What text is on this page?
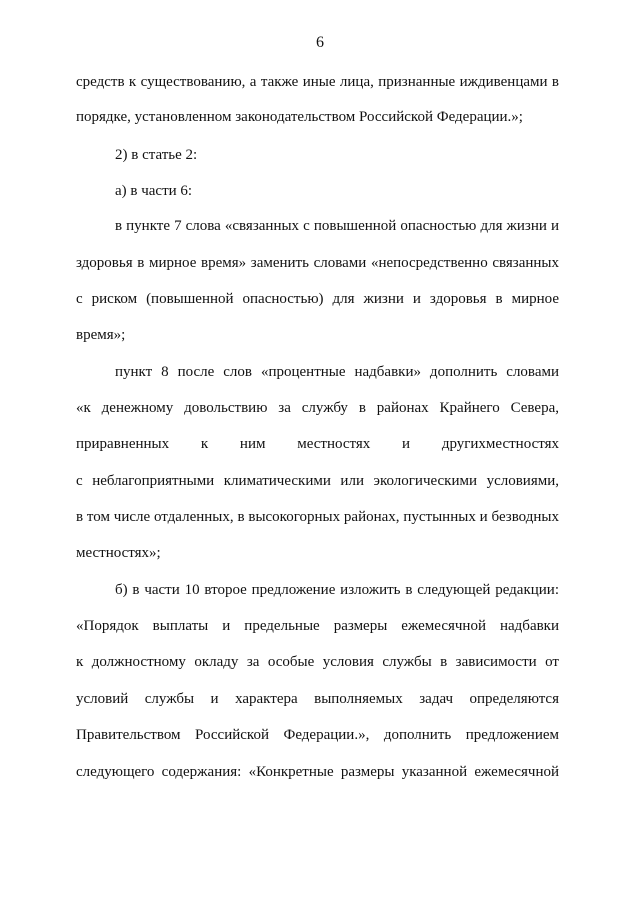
6
средств к существованию, а также иные лица, признанные иждивенцами в
порядке, установленном законодательством Российской Федерации.»;
2) в статье 2:
а) в части 6:
в пункте 7 слова «связанных с повышенной опасностью для жизни и
здоровья в мирное время» заменить словами «непосредственно связанных
с риском (повышенной опасностью) для жизни и здоровья в мирное
время»;
пункт 8 после слов «процентные надбавки» дополнить словами
«к денежному довольствию за службу в районах Крайнего Севера,
приравненных к ним местностях и другихместностях
с неблагоприятными климатическими или экологическими условиями,
в том числе отдаленных, в высокогорных районах, пустынных и безводных
местностях»;
б) в части 10 второе предложение изложить в следующей редакции:
«Порядок выплаты и предельные размеры ежемесячной надбавки
к должностному окладу за особые условия службы в зависимости от
условий службы и характера выполняемых задач определяются
Правительством Российской Федерации.», дополнить предложением
следующего содержания: «Конкретные размеры указанной ежемесячной
